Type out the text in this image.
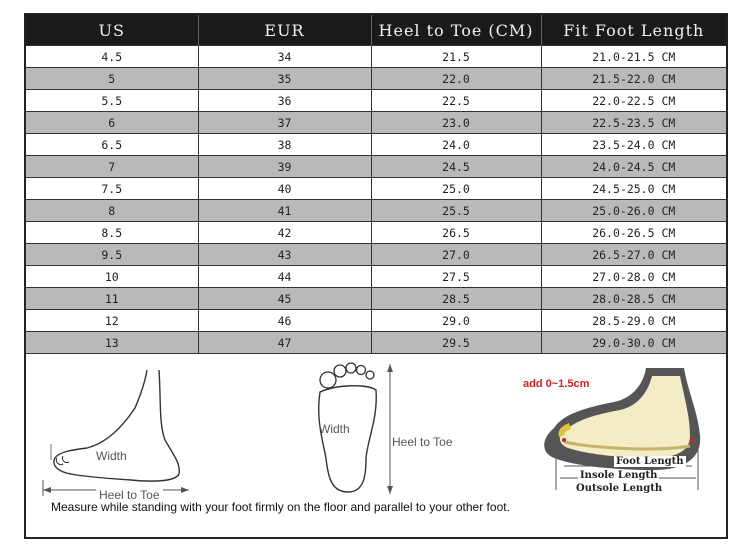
US	EUR	Heel to Toe (CM)	Fit Foot Length
4.5	34	21.5	21.0-21.5 CM
5	35	22.0	21.5-22.0 CM
5.5	36	22.5	22.0-22.5 CM
6	37	23.0	22.5-23.5 CM
6.5	38	24.0	23.5-24.0 CM
7	39	24.5	24.0-24.5 CM
7.5	40	25.0	24.5-25.0 CM
8	41	25.5	25.0-26.0 CM
8.5	42	26.5	26.0-26.5 CM
9.5	43	27.0	26.5-27.0 CM
10	44	27.5	27.0-28.0 CM
11	45	28.5	28.0-28.5 CM
12	46	29.0	28.5-29.0 CM
13	47	29.5	29.0-30.0 CM
Width
Heel to Toe
Width
Heel to Toe
add 0~1.5cm
Foot Length
Insole Length
Outsole Length
Measure while standing with your foot firmly on the floor and parallel to your other foot.
